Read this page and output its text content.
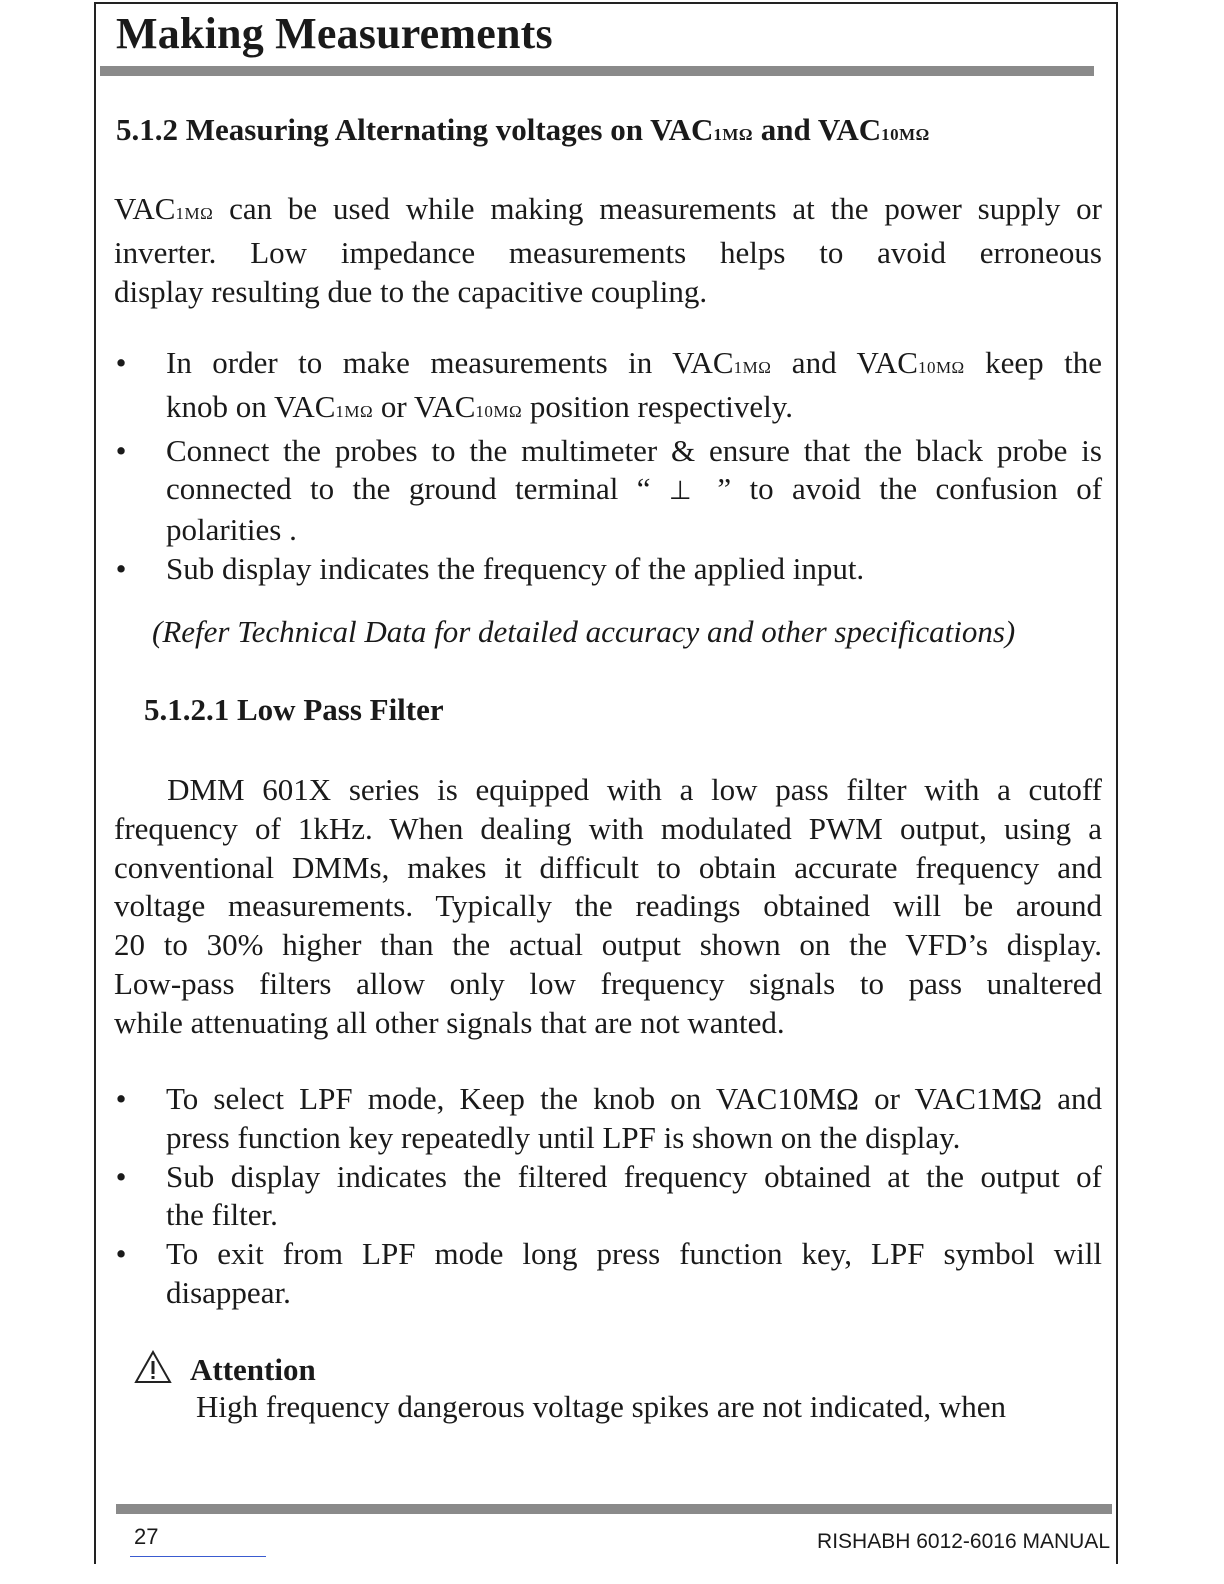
Making Measurements
5.1.2 Measuring Alternating voltages on VAC1MΩ and VAC10MΩ
VAC1MΩ can be used while making measurements at the power supply or
inverter. Low impedance measurements helps to avoid erroneous
display resulting due to the capacitive coupling.
• In order to make measurements in VAC1MΩ and VAC10MΩ keep the
knob on VAC1MΩ or VAC10MΩ position respectively.
• Connect the probes to the multimeter & ensure that the black probe is
connected to the ground terminal “ ⊥ ” to avoid the confusion of
polarities .
• Sub display indicates the frequency of the applied input.
(Refer Technical Data for detailed accuracy and other specifications)
5.1.2.1 Low Pass Filter
DMM 601X series is equipped with a low pass filter with a cutoff
frequency of 1kHz. When dealing with modulated PWM output, using a
conventional DMMs, makes it difficult to obtain accurate frequency and
voltage measurements. Typically the readings obtained will be around
20 to 30% higher than the actual output shown on the VFD’s display.
Low-pass filters allow only low frequency signals to pass unaltered
while attenuating all other signals that are not wanted.
• To select LPF mode, Keep the knob on VAC10MΩ or VAC1MΩ and
press function key repeatedly until LPF is shown on the display.
• Sub display indicates the filtered frequency obtained at the output of
the filter.
• To exit from LPF mode long press function key, LPF symbol will
disappear.
Attention
High frequency dangerous voltage spikes are not indicated, when
27	RISHABH 6012-6016 MANUAL
